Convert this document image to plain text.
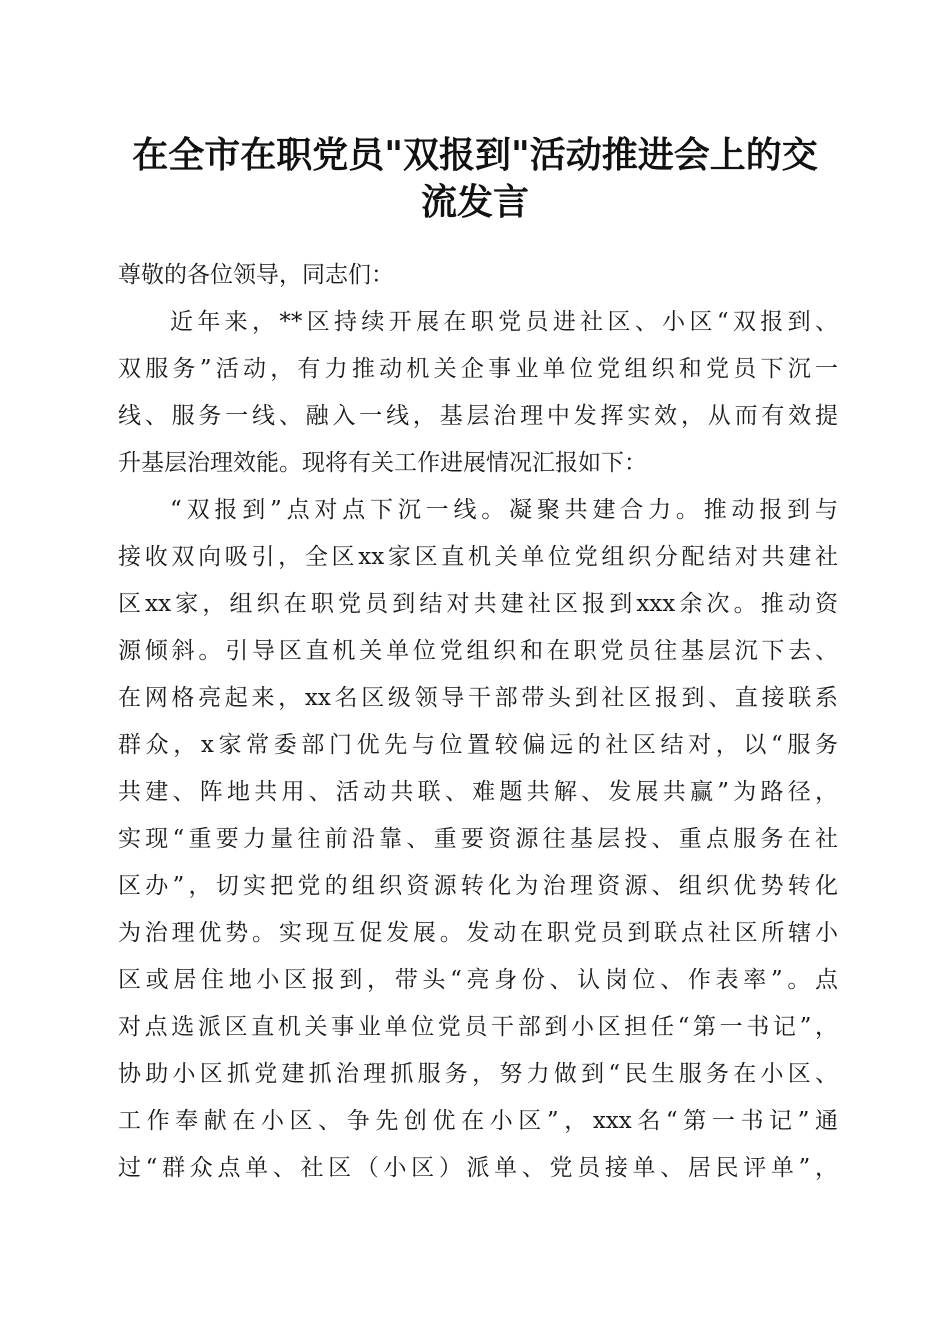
在全市在职党员"双报到"活动推进会上的交
流发言
尊敬的各位领导，同志们：
近年来，**区持续开展在职党员进社区、小区“双报到、
双服务”活动，有力推动机关企事业单位党组织和党员下沉一
线、服务一线、融入一线，基层治理中发挥实效，从而有效提
升基层治理效能。现将有关工作进展情况汇报如下：
“双报到”点对点下沉一线。凝聚共建合力。推动报到与
接收双向吸引，全区xx家区直机关单位党组织分配结对共建社
区xx家，组织在职党员到结对共建社区报到xxx余次。推动资
源倾斜。引导区直机关单位党组织和在职党员往基层沉下去、
在网格亮起来，xx名区级领导干部带头到社区报到、直接联系
群众，x家常委部门优先与位置较偏远的社区结对，以“服务
共建、阵地共用、活动共联、难题共解、发展共赢”为路径，
实现“重要力量往前沿靠、重要资源往基层投、重点服务在社
区办”，切实把党的组织资源转化为治理资源、组织优势转化
为治理优势。实现互促发展。发动在职党员到联点社区所辖小
区或居住地小区报到，带头“亮身份、认岗位、作表率”。点
对点选派区直机关事业单位党员干部到小区担任“第一书记”，
协助小区抓党建抓治理抓服务，努力做到“民生服务在小区、
工作奉献在小区、争先创优在小区”，xxx名“第一书记”通
过“群众点单、社区（小区）派单、党员接单、居民评单”，
